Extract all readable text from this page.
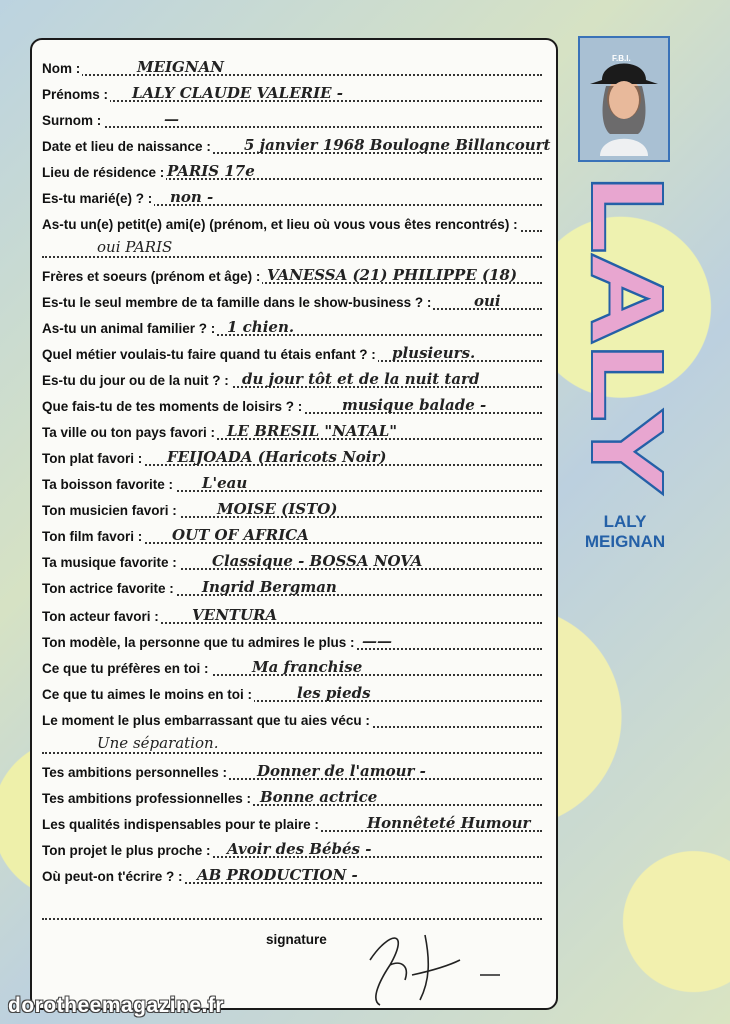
Nom :	MEIGNAN
Prénoms : LALY CLAUDE VALERIE -
Surnom :	—
Date et lieu de naissance : 5 janvier 1968 Boulogne Billancourt
Lieu de résidence : PARIS 17e
Es-tu marié(e) ? : non -
As-tu un(e) petit(e) ami(e) (prénom, et lieu où vous vous êtes rencontrés) :
oui PARIS
Frères et soeurs (prénom et âge) : VANESSA (21) PHILIPPE (18)
Es-tu le seul membre de ta famille dans le show-business ? :	oui
As-tu un animal familier ? : 1 chien.
Quel métier voulais-tu faire quand tu étais enfant ? : plusieurs.
Es-tu du jour ou de la nuit ? : du jour tôt et de la nuit tard
Que fais-tu de tes moments de loisirs ? :	musique balade -
Ta ville ou ton pays favori : LE BRESIL "NATAL"
Ton plat favori : FEIJOADA (Haricots Noir)
Ta boisson favorite : L'eau
Ton musicien favori :	MOISE (ISTO)
Ton film favori : OUT OF AFRICA
Ta musique favorite : Classique - BOSSA NOVA
Ton actrice favorite : Ingrid Bergman
Ton acteur favori : VENTURA
Ton modèle, la personne que tu admires le plus : ——
Ce que tu préfères en toi :	Ma franchise
Ce que tu aimes le moins en toi :	les pieds
Le moment le plus embarrassant que tu aies vécu :
Une séparation.
Tes ambitions personnelles : Donner de l'amour -
Tes ambitions professionnelles : Bonne actrice
Les qualités indispensables pour te plaire :	Honnêteté Humour
Ton projet le plus proche : Avoir des Bébés -
Où peut-on t'écrire ? : AB PRODUCTION -
signature
F.B.I.
LALY
LALY
MEIGNAN
dorotheemagazine.fr
